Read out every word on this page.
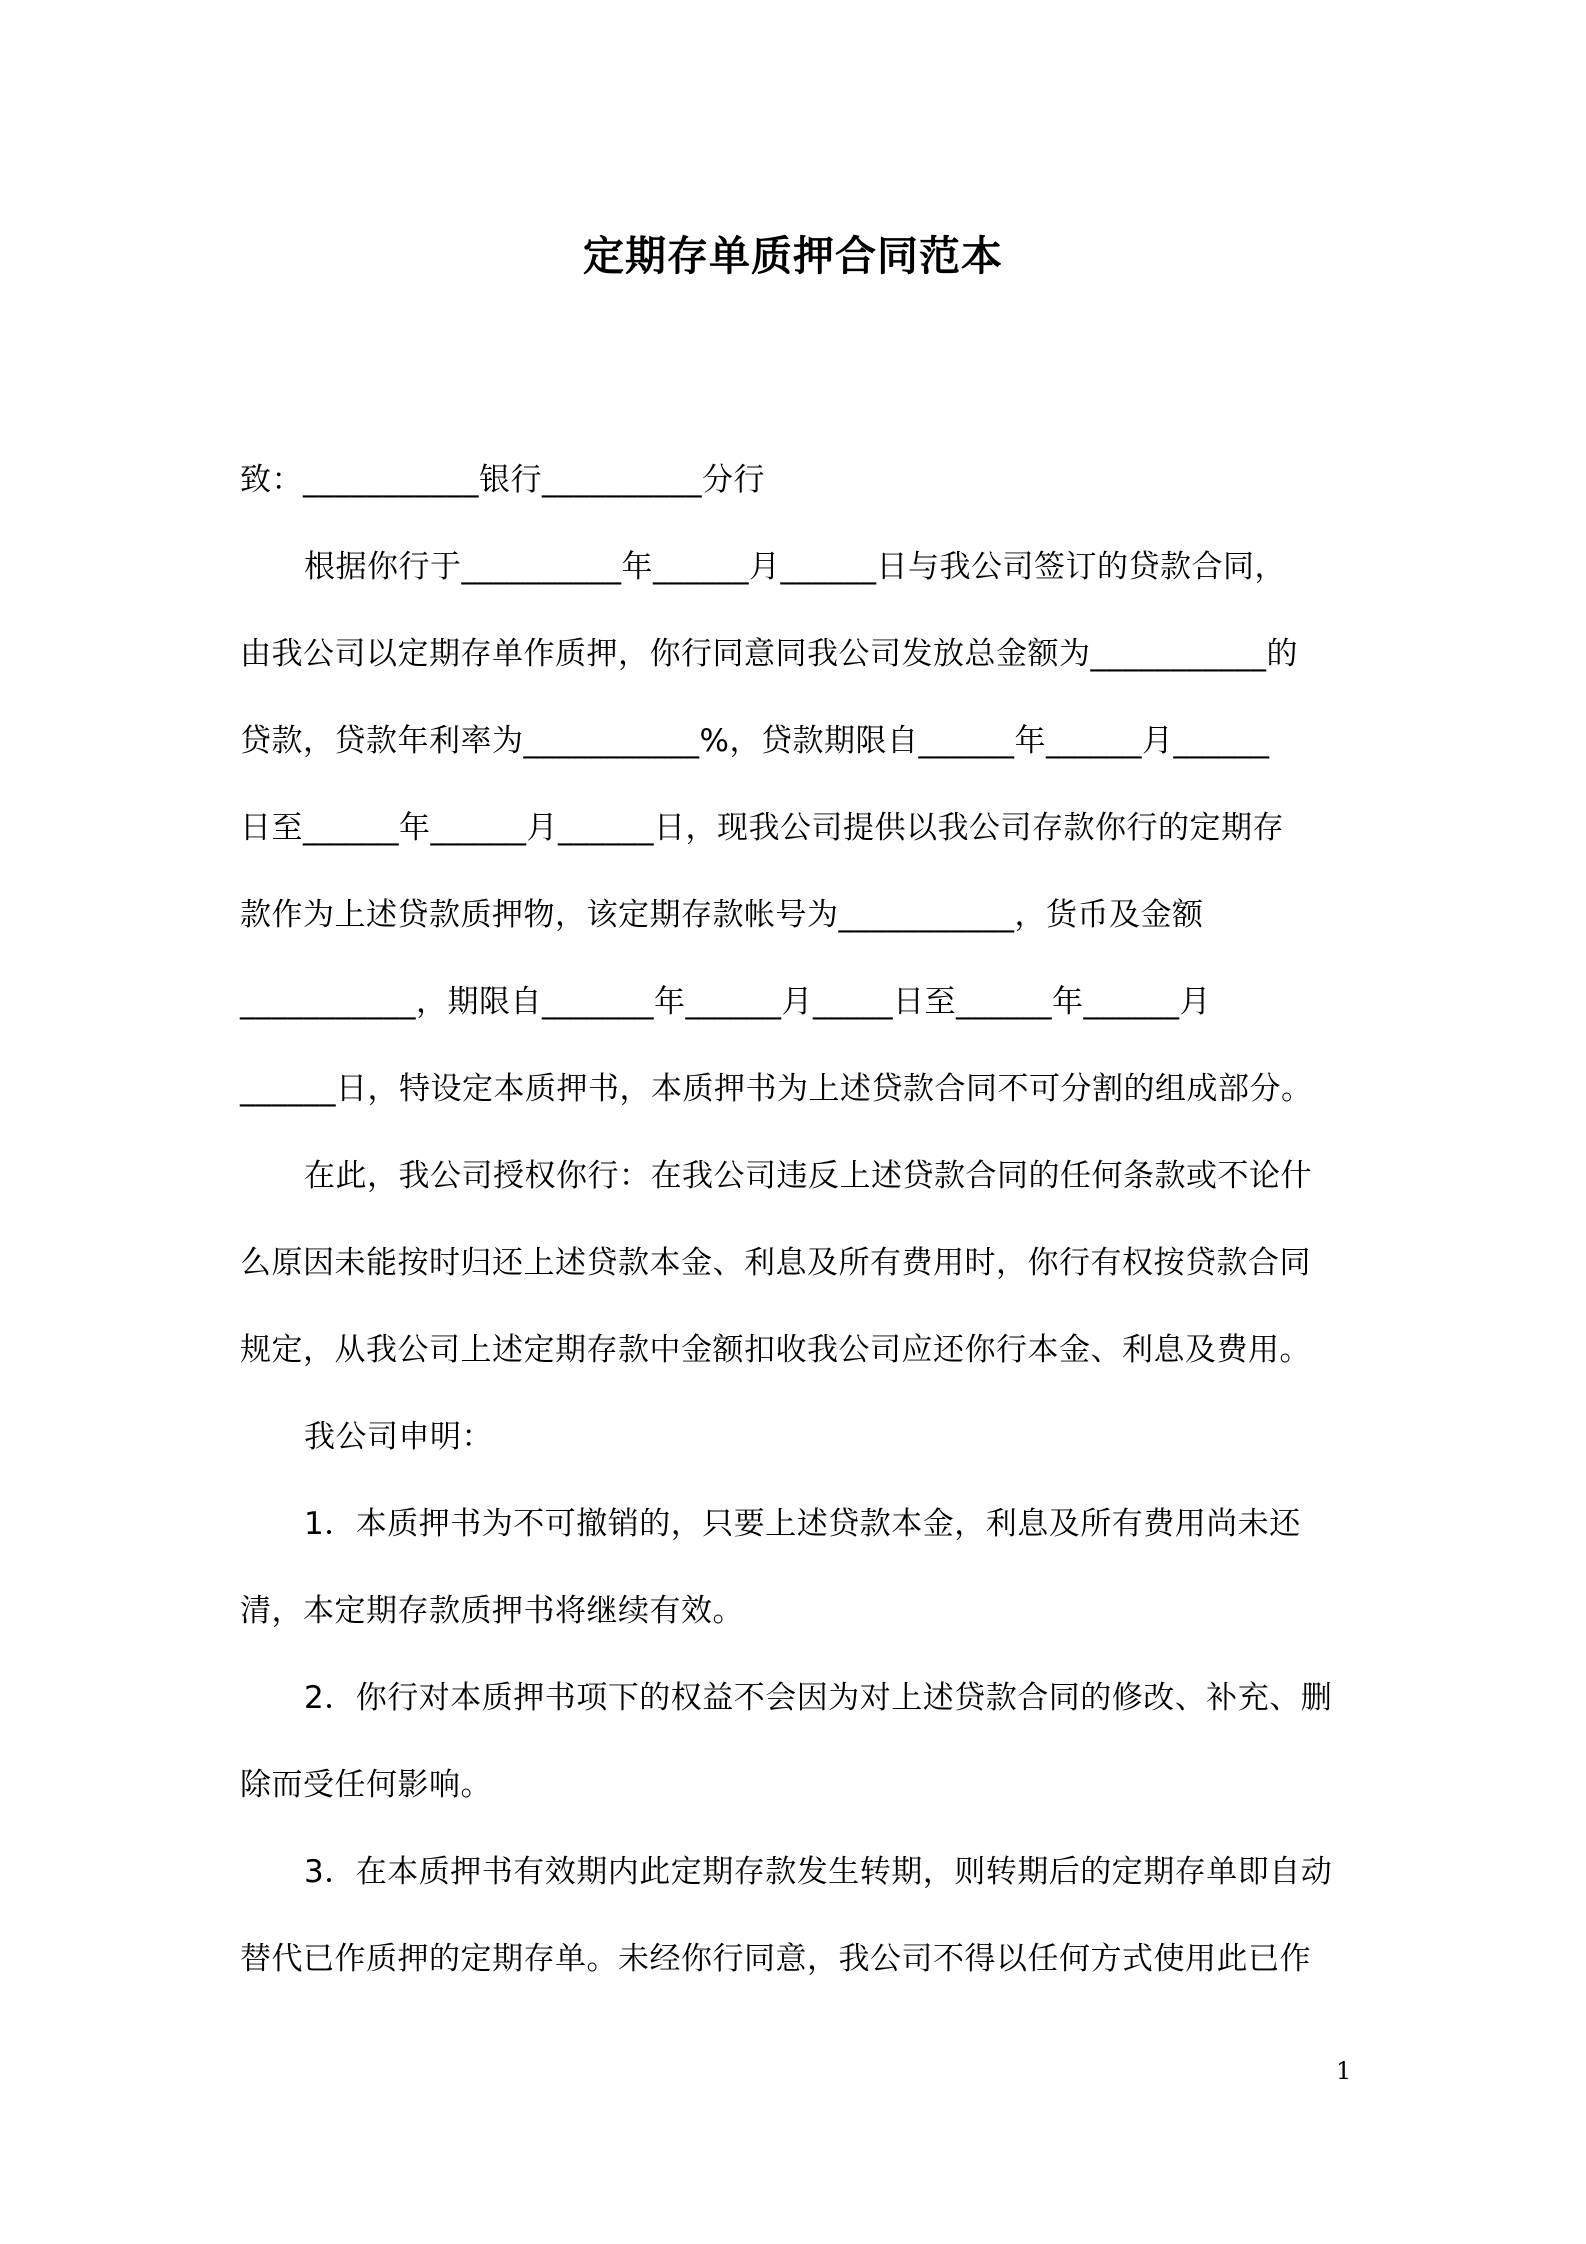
定期存单质押合同范本
致：___________银行__________分行
根据你行于__________年______月______日与我公司签订的贷款合同，
由我公司以定期存单作质押，你行同意同我公司发放总金额为___________的
贷款，贷款年利率为___________%，贷款期限自______年______月______
日至______年______月______日，现我公司提供以我公司存款你行的定期存
款作为上述贷款质押物，该定期存款帐号为___________，货币及金额
___________，期限自_______年______月_____日至______年______月
______日，特设定本质押书，本质押书为上述贷款合同不可分割的组成部分。
在此，我公司授权你行：在我公司违反上述贷款合同的任何条款或不论什
么原因未能按时归还上述贷款本金、利息及所有费用时，你行有权按贷款合同
规定，从我公司上述定期存款中金额扣收我公司应还你行本金、利息及费用。
我公司申明：
1．本质押书为不可撤销的，只要上述贷款本金，利息及所有费用尚未还
清，本定期存款质押书将继续有效。
2．你行对本质押书项下的权益不会因为对上述贷款合同的修改、补充、删
除而受任何影响。
3．在本质押书有效期内此定期存款发生转期，则转期后的定期存单即自动
替代已作质押的定期存单。未经你行同意，我公司不得以任何方式使用此已作
1
